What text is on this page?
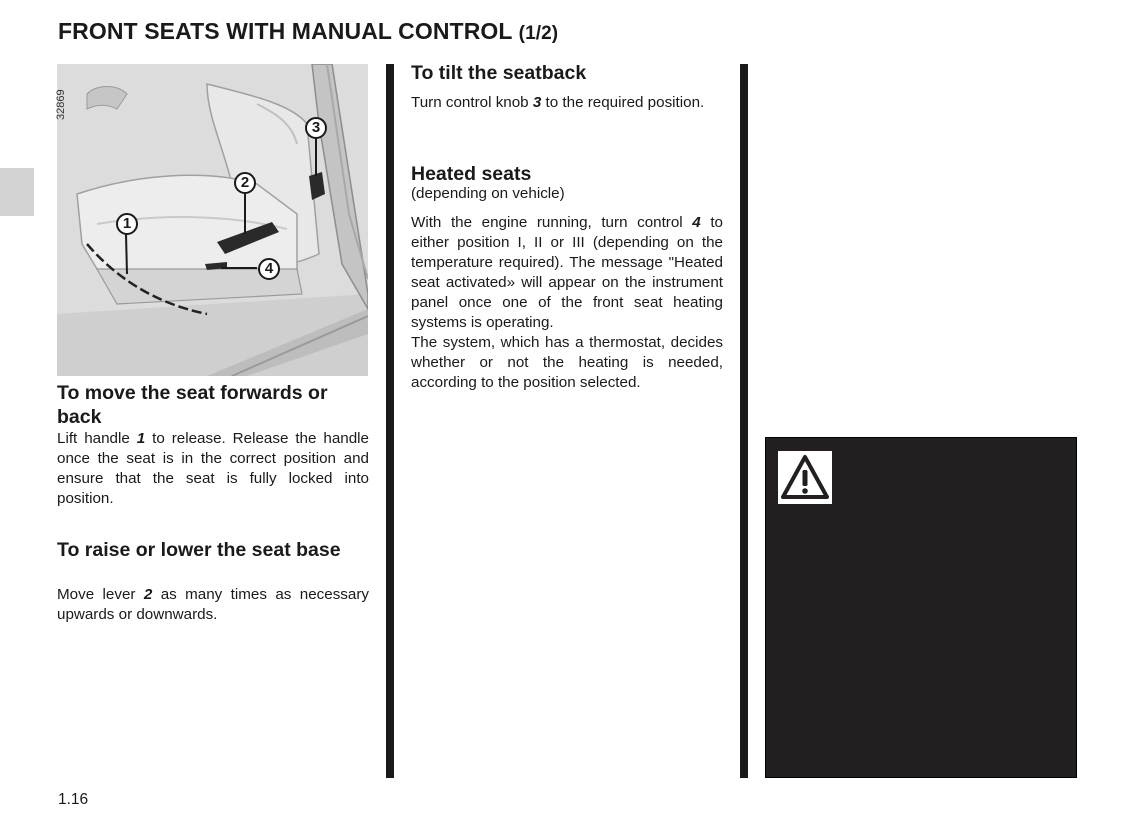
FRONT SEATS WITH MANUAL CONTROL (1/2)
32869
1
2
3
4
To move the seat forwards or back

Lift handle 1 to release. Release the handle once the seat is in the correct position and ensure that the seat is fully locked into position.

To raise or lower the seat base

Move lever 2 as many times as necessary upwards or downwards.

To tilt the seatback

Turn control knob 3 to the required position.

Heated seats

(depending on vehicle)

With the engine running, turn control 4 to either position I, II or III (depending on the temperature required). The message "Heated seat activated» will appear on the instrument panel once one of the front seat heating systems is operating.
The system, which has a thermostat, decides whether or not the heating is needed, according to the position selected.

1.16
